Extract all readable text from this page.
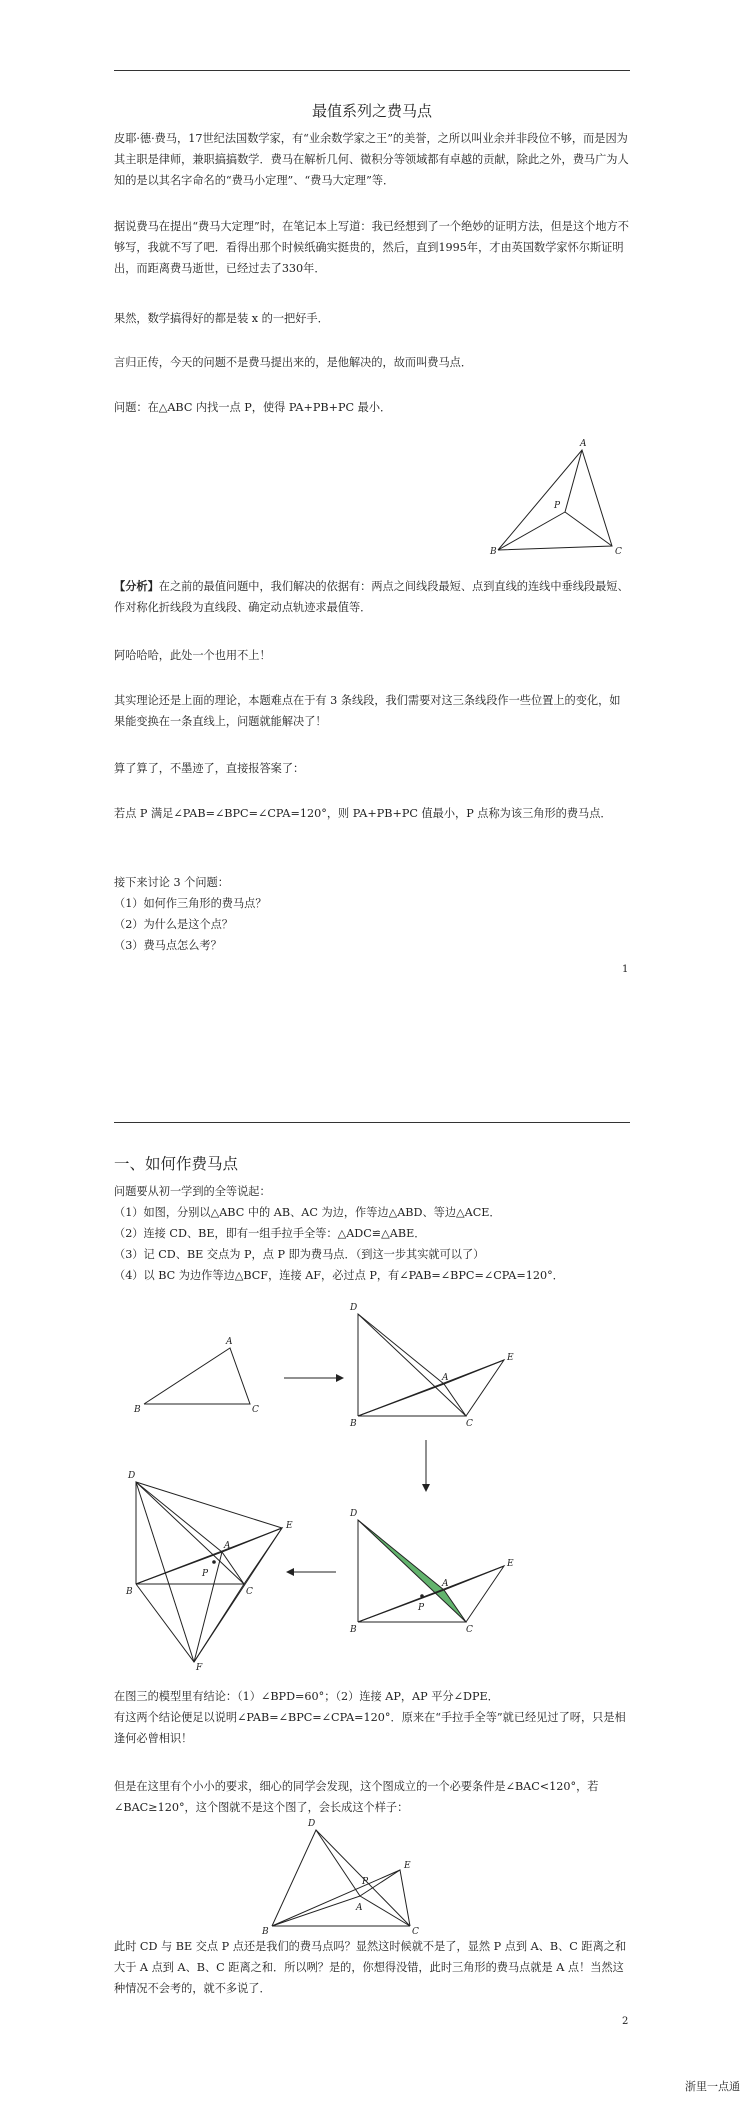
最值系列之费马点
皮耶·德·费马，17世纪法国数学家，有“业余数学家之王”的美誉，之所以叫业余并非段位不够，而是因为其主职是律师，兼职搞搞数学．费马在解析几何、微积分等领域都有卓越的贡献，除此之外，费马广为人知的是以其名字命名的“费马小定理”、“费马大定理”等．
据说费马在提出“费马大定理”时，在笔记本上写道：我已经想到了一个绝妙的证明方法，但是这个地方不够写，我就不写了吧．看得出那个时候纸确实挺贵的，然后，直到1995年，才由英国数学家怀尔斯证明出，而距离费马逝世，已经过去了330年．
果然，数学搞得好的都是装 x 的一把好手．
言归正传，今天的问题不是费马提出来的，是他解决的，故而叫费马点．
问题：在△ABC 内找一点 P，使得 PA+PB+PC 最小．
A
P
B	C
【分析】在之前的最值问题中，我们解决的依据有：两点之间线段最短、点到直线的连线中垂线段最短、作对称化折线段为直线段、确定动点轨迹求最值等．
阿哈哈哈，此处一个也用不上！
其实理论还是上面的理论，本题难点在于有 3 条线段，我们需要对这三条线段作一些位置上的变化，如果能变换在一条直线上，问题就能解决了！
算了算了，不墨迹了，直接报答案了：
若点 P 满足∠PAB=∠BPC=∠CPA=120°，则 PA+PB+PC 值最小，P 点称为该三角形的费马点．
接下来讨论 3 个问题：

（1）如何作三角形的费马点？

（2）为什么是这个点？

（3）费马点怎么考？

1
一、如何作费马点
问题要从初一学到的全等说起：

（1）如图，分别以△ABC 中的 AB、AC 为边，作等边△ABD、等边△ACE．

（2）连接 CD、BE，即有一组手拉手全等：△ADC≌△ABE．

（3）记 CD、BE 交点为 P，点 P 即为费马点．（到这一步其实就可以了）

（4）以 BC 为边作等边△BCF，连接 AF，必过点 P，有∠PAB=∠BPC=∠CPA=120°．

A
B	C
D
A
E
B	C
D
A
E
P
B	C
D
A
E
P
B	C
F
在图三的模型里有结论：（1）∠BPD=60°；（2）连接 AP，AP 平分∠DPE．
有这两个结论便足以说明∠PAB=∠BPC=∠CPA=120°．原来在“手拉手全等”就已经见过了呀，只是相逢何必曾相识！
但是在这里有个小小的要求，细心的同学会发现，这个图成立的一个必要条件是∠BAC<120°，若∠BAC≥120°，这个图就不是这个图了，会长成这个样子：
D
E
P
A
B	C
此时 CD 与 BE 交点 P 点还是我们的费马点吗？显然这时候就不是了，显然 P 点到 A、B、C 距离之和大于 A 点到 A、B、C 距离之和．所以咧？是的，你想得没错，此时三角形的费马点就是 A 点！当然这种情况不会考的，就不多说了．
2
浙里一点通
